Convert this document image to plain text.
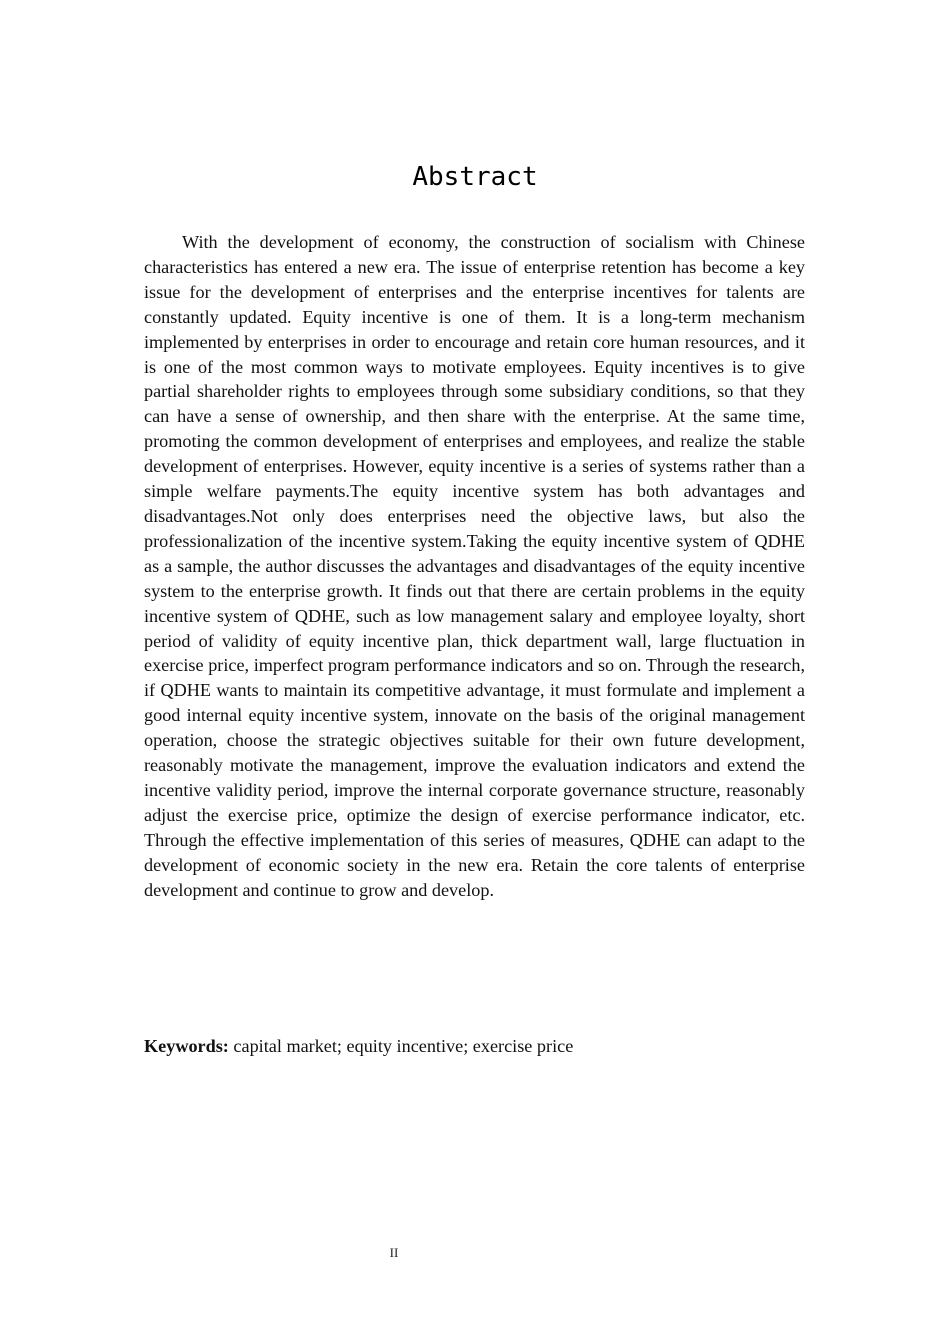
Abstract

With the development of economy, the construction of socialism with Chinese characteristics has entered a new era. The issue of enterprise retention has become a key issue for the development of enterprises and the enterprise incentives for talents are constantly updated. Equity incentive is one of them. It is a long-term mechanism implemented by enterprises in order to encourage and retain core human resources, and it is one of the most common ways to motivate employees. Equity incentives is to give partial shareholder rights to employees through some subsidiary conditions, so that they can have a sense of ownership, and then share with the enterprise. At the same time, promoting the common development of enterprises and employees, and realize the stable development of enterprises. However, equity incentive is a series of systems rather than a simple welfare payments.The equity incentive system has both advantages and disadvantages.Not only does enterprises need the objective laws, but also the professionalization of the incentive system.Taking the equity incentive system of QDHE as a sample, the author discusses the advantages and disadvantages of the equity incentive system to the enterprise growth. It finds out that there are certain problems in the equity incentive system of QDHE, such as low management salary and employee loyalty, short period of validity of equity incentive plan, thick department wall, large fluctuation in exercise price, imperfect program performance indicators and so on. Through the research, if QDHE wants to maintain its competitive advantage, it must formulate and implement a good internal equity incentive system, innovate on the basis of the original management operation, choose the strategic objectives suitable for their own future development, reasonably motivate the management, improve the evaluation indicators and extend the incentive validity period, improve the internal corporate governance structure, reasonably adjust the exercise price, optimize the design of exercise performance indicator, etc. Through the effective implementation of this series of measures, QDHE can adapt to the development of economic society in the new era. Retain the core talents of enterprise development and continue to grow and develop.

Keywords: capital market; equity incentive; exercise price
II
